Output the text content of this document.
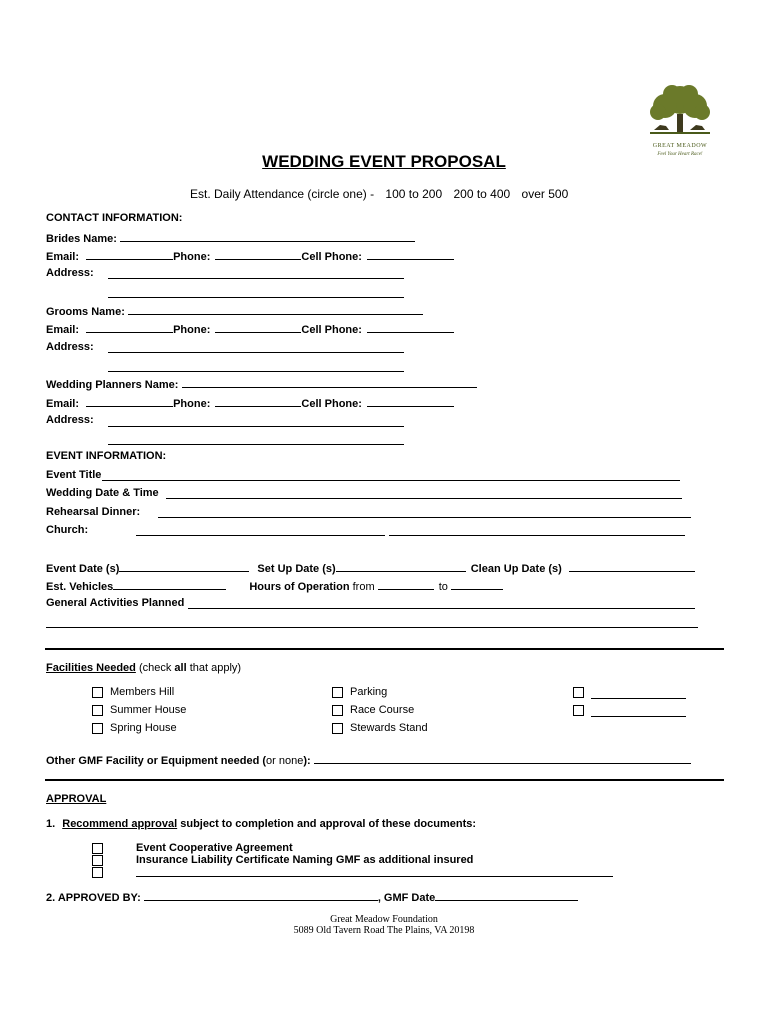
GREAT MEADOW
Feel Your Heart Race!
WEDDING EVENT PROPOSAL
Est. Daily Attendance (circle one) - 100 to 200 200 to 400 over 500
CONTACT INFORMATION:
Brides Name:
Email:	Phone:	Cell Phone:
Address:
Grooms Name:
Email:	Phone:	Cell Phone:
Address:
Wedding Planners Name:
Email:	Phone:	Cell Phone:
Address:
EVENT INFORMATION:
Event Title
Wedding Date & Time
Rehearsal Dinner:
Church:
Event Date (s)	Set Up Date (s)	Clean Up Date (s)
Est. Vehicles	Hours of Operation from	to
General Activities Planned
Facilities Needed (check all that apply)
Members Hill
Summer House
Spring House
Parking
Race Course
Stewards Stand
Other GMF Facility or Equipment needed (or none):
APPROVAL
1. Recommend approval subject to completion and approval of these documents:
Event Cooperative Agreement
Insurance Liability Certificate Naming GMF as additional insured
2. APPROVED BY:	, GMF Date
Great Meadow Foundation
5089 Old Tavern Road The Plains, VA 20198
